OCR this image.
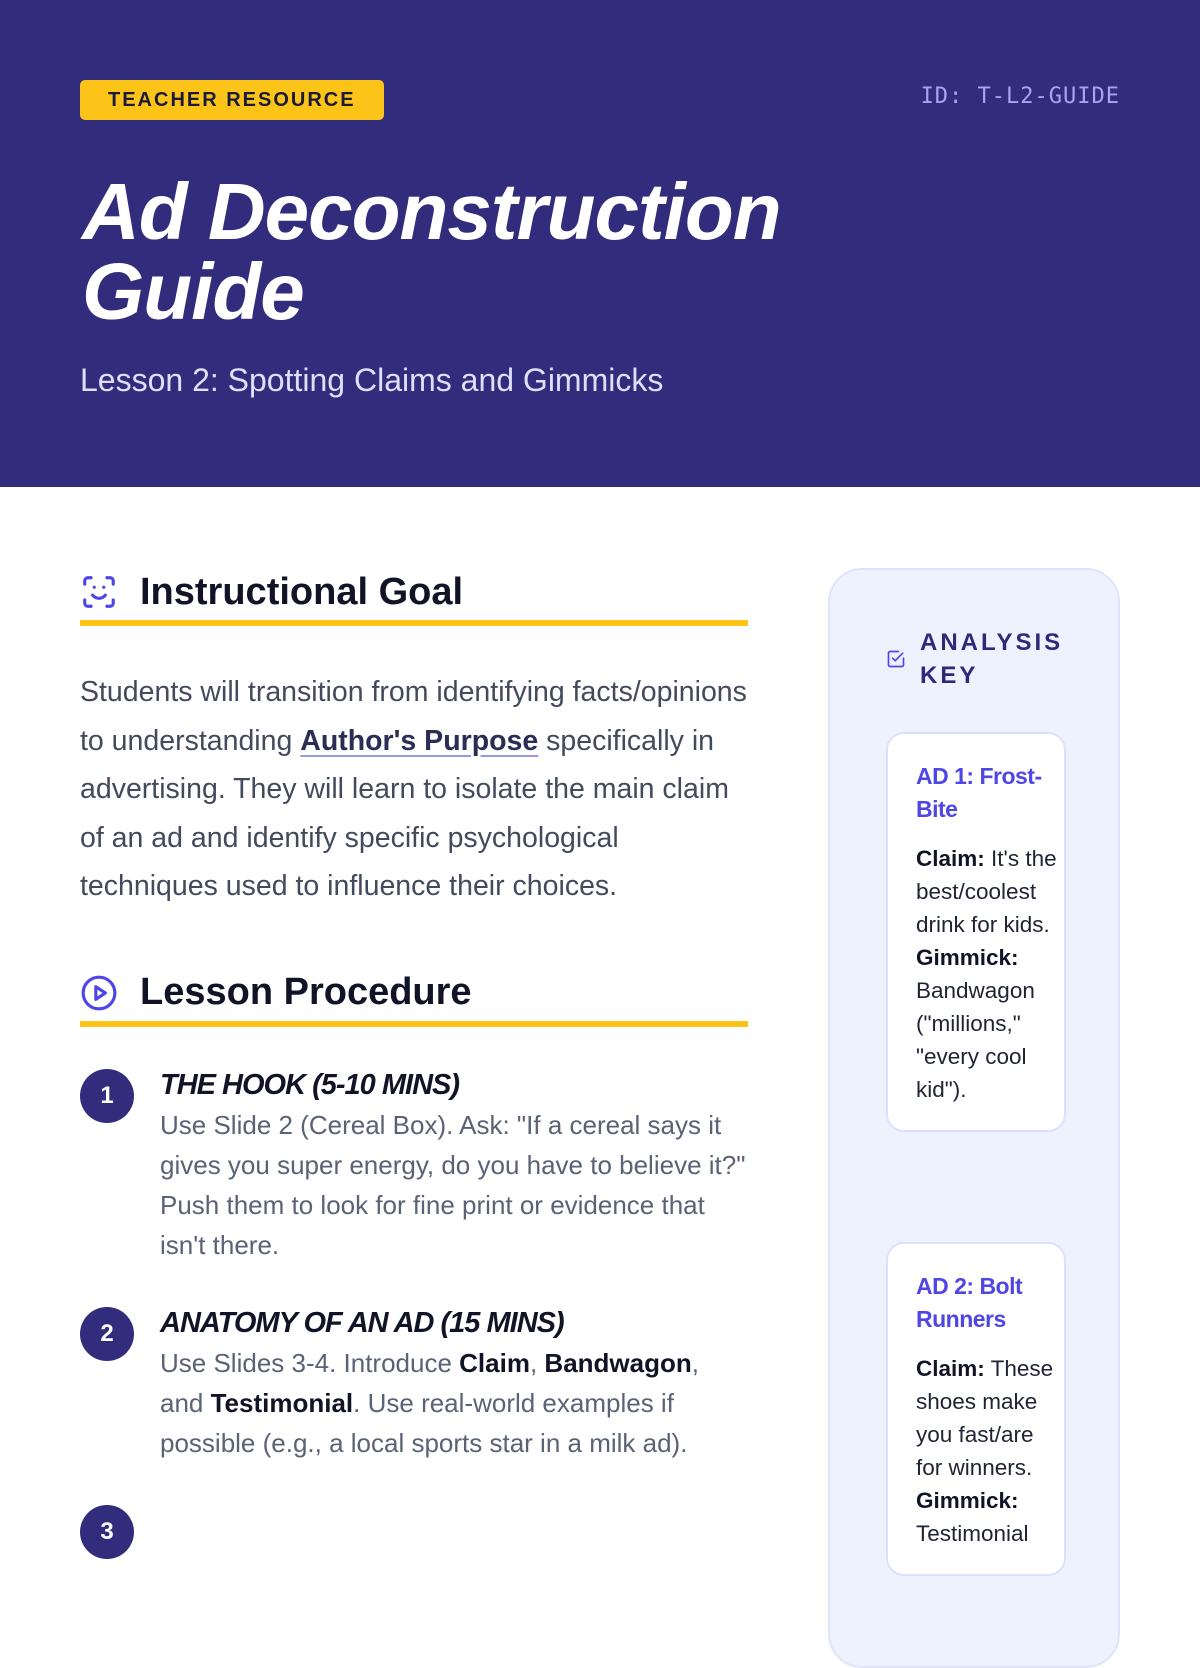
TEACHER RESOURCE	ID: T-L2-GUIDE
Ad Deconstruction Guide
Lesson 2: Spotting Claims and Gimmicks
Instructional Goal

Students will transition from identifying facts/opinions to understanding Author's Purpose specifically in advertising. They will learn to isolate the main claim of an ad and identify specific psychological techniques used to influence their choices.

Lesson Procedure
1	THE HOOK (5-10 MINS)
Use Slide 2 (Cereal Box). Ask: "If a cereal says it gives you super energy, do you have to believe it?" Push them to look for fine print or evidence that isn't there.
2	ANATOMY OF AN AD (15 MINS)
Use Slides 3-4. Introduce Claim, Bandwagon, and Testimonial. Use real-world examples if possible (e.g., a local sports star in a milk ad).
3
ANALYSIS KEY
AD 1: Frost-Bite

Claim: It's the best/coolest drink for kids.
Gimmick: Bandwagon ("millions," "every cool kid").

AD 2: Bolt Runners

Claim: These shoes make you fast/are for winners.
Gimmick: Testimonial
